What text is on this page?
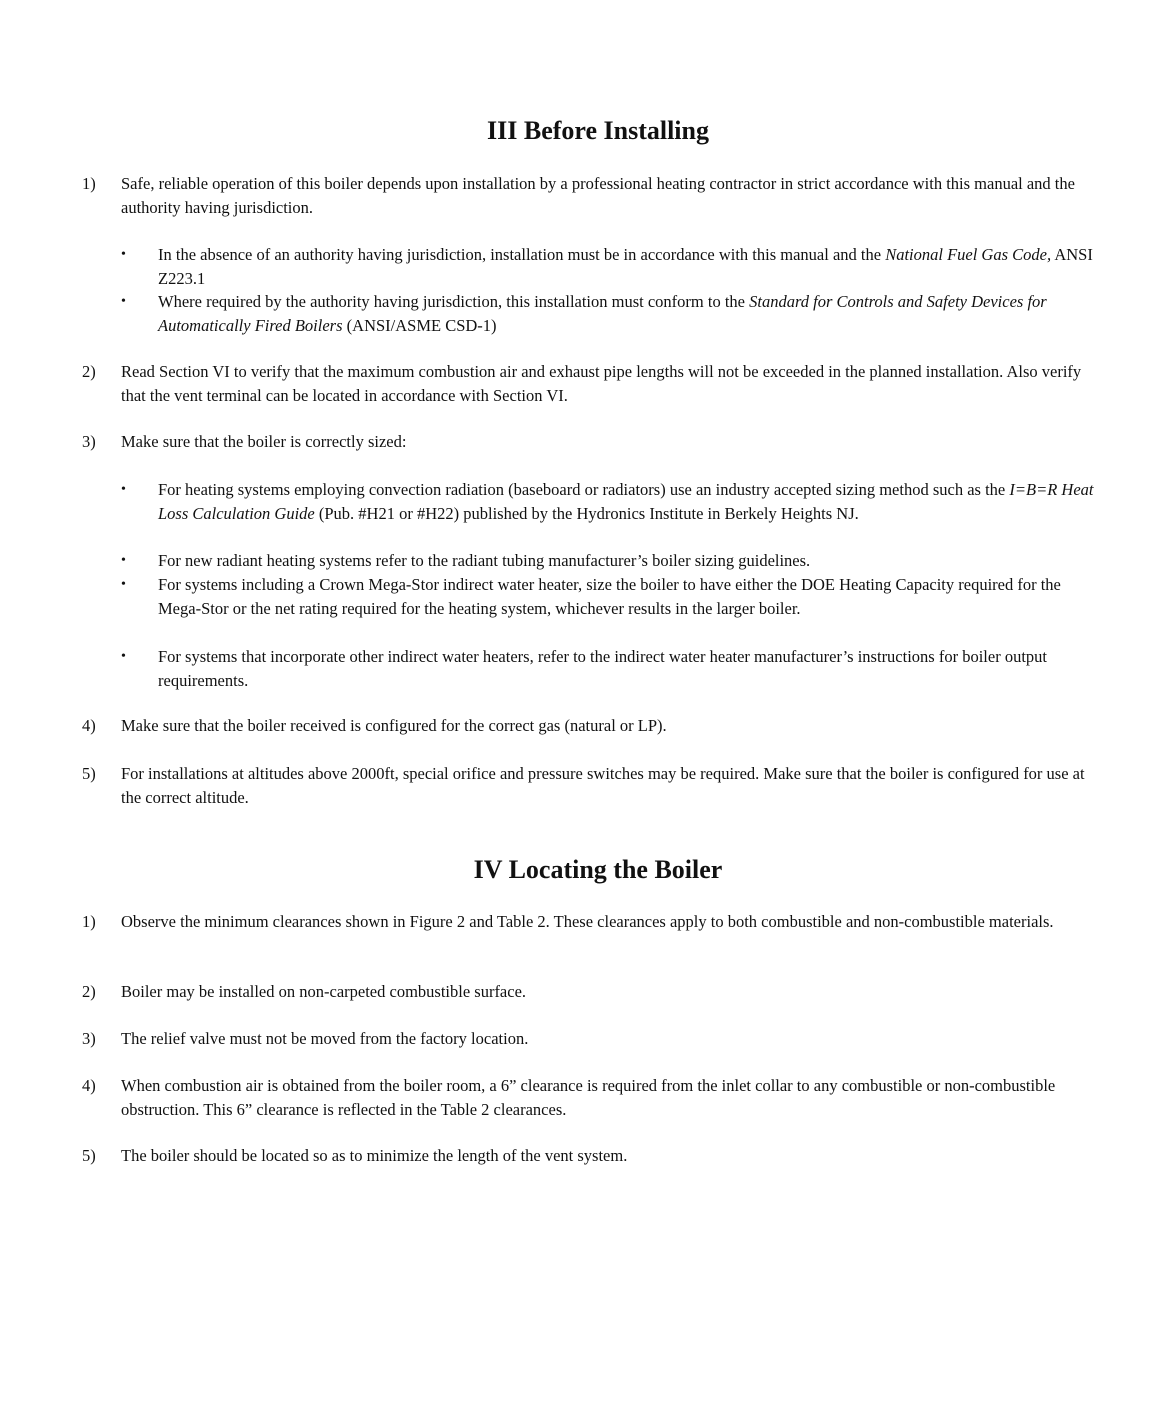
III Before Installing
1)	Safe, reliable operation of this boiler depends upon installation by a professional heating contractor in strict accordance with this manual and the authority having jurisdiction.
•	In the absence of an authority having jurisdiction, installation must be in accordance with this manual and the National Fuel Gas Code, ANSI Z223.1
•	Where required by the authority having jurisdiction, this installation must conform to the Standard for Controls and Safety Devices for Automatically Fired Boilers (ANSI/ASME CSD-1)
2)	Read Section VI to verify that the maximum combustion air and exhaust pipe lengths will not be exceeded in the planned installation. Also verify that the vent terminal can be located in accordance with Section VI.
3)	Make sure that the boiler is correctly sized:
•	For heating systems employing convection radiation (baseboard or radiators) use an industry accepted sizing method such as the I=B=R Heat Loss Calculation Guide (Pub. #H21 or #H22) published by the Hydronics Institute in Berkely Heights NJ.
•	For new radiant heating systems refer to the radiant tubing manufacturer’s boiler sizing guidelines.
•	For systems including a Crown Mega-Stor indirect water heater, size the boiler to have either the DOE Heating Capacity required for the Mega-Stor or the net rating required for the heating system, whichever results in the larger boiler.
•	For systems that incorporate other indirect water heaters, refer to the indirect water heater manufacturer’s instructions for boiler output requirements.
4)	Make sure that the boiler received is configured for the correct gas (natural or LP).
5)	For installations at altitudes above 2000ft, special orifice and pressure switches may be required. Make sure that the boiler is configured for use at the correct altitude.
IV Locating the Boiler
1)	Observe the minimum clearances shown in Figure 2 and Table 2. These clearances apply to both combustible and non-combustible materials.
2)	Boiler may be installed on non-carpeted combustible surface.
3)	The relief valve must not be moved from the factory location.
4)	When combustion air is obtained from the boiler room, a 6” clearance is required from the inlet collar to any combustible or non-combustible obstruction. This 6” clearance is reflected in the Table 2 clearances.
5)	The boiler should be located so as to minimize the length of the vent system.
